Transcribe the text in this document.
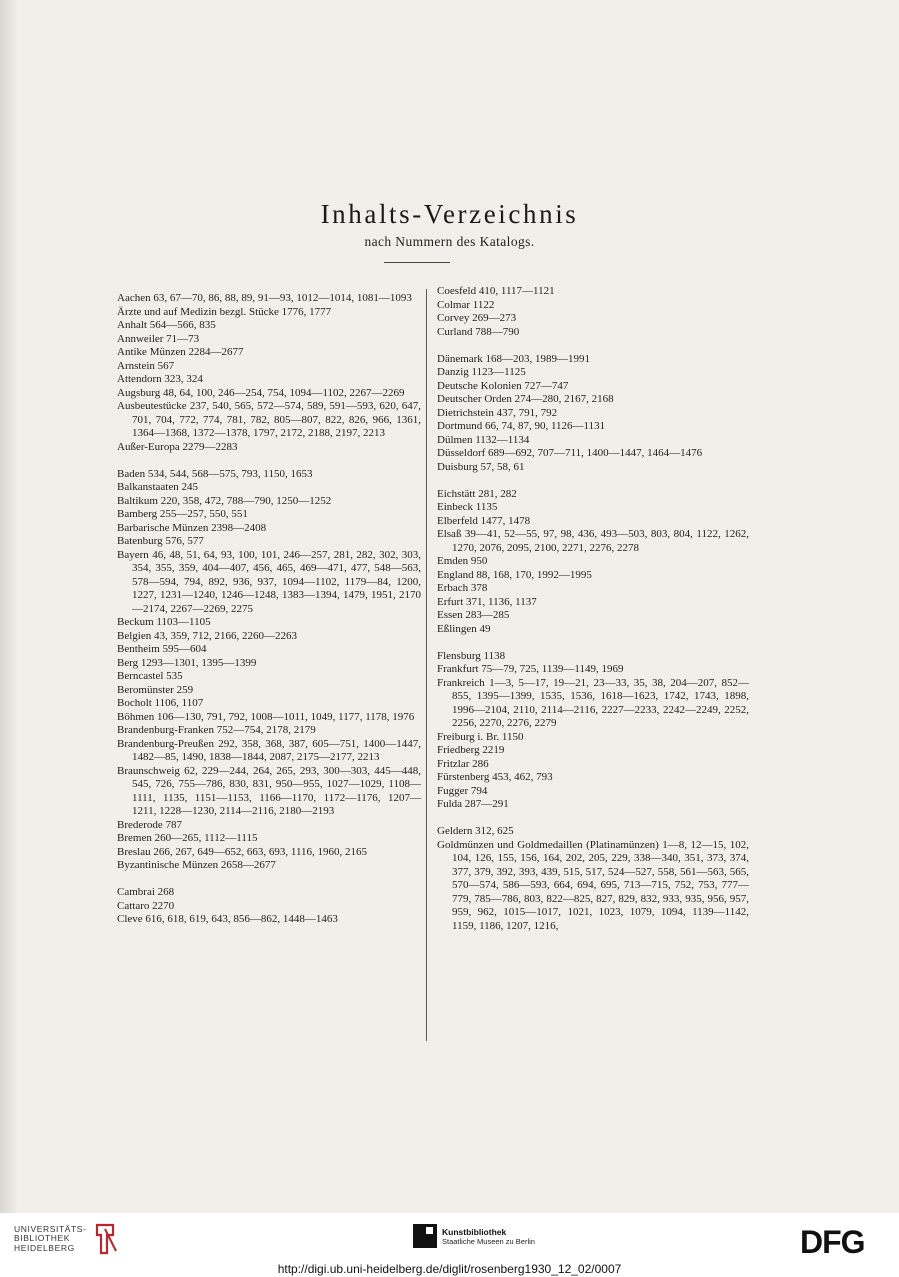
Inhalts-Verzeichnis
nach Nummern des Katalogs.
Aachen 63, 67—70, 86, 88, 89, 91—93, 1012—1014, 1081—1093
Ärzte und auf Medizin bezgl. Stücke 1776, 1777
Anhalt 564—566, 835
Annweiler 71—73
Antike Münzen 2284—2677
Arnstein 567
Attendorn 323, 324
Augsburg 48, 64, 100, 246—254, 754, 1094—1102, 2267—2269
Ausbeutestücke 237, 540, 565, 572—574, 589, 591—593, 620, 647, 701, 704, 772, 774, 781, 782, 805—807, 822, 826, 966, 1361, 1364—1368, 1372—1378, 1797, 2172, 2188, 2197, 2213
Außer-Europa 2279—2283
Baden 534, 544, 568—575, 793, 1150, 1653
Balkanstaaten 245
Baltikum 220, 358, 472, 788—790, 1250—1252
Bamberg 255—257, 550, 551
Barbarische Münzen 2398—2408
Batenburg 576, 577
Bayern 46, 48, 51, 64, 93, 100, 101, 246—257, 281, 282, 302, 303, 354, 355, 359, 404—407, 456, 465, 469—471, 477, 548—563, 578—594, 794, 892, 936, 937, 1094—1102, 1179—84, 1200, 1227, 1231—1240, 1246—1248, 1383—1394, 1479, 1951, 2170—2174, 2267—2269, 2275
Beckum 1103—1105
Belgien 43, 359, 712, 2166, 2260—2263
Bentheim 595—604
Berg 1293—1301, 1395—1399
Berncastel 535
Beromünster 259
Bocholt 1106, 1107
Böhmen 106—130, 791, 792, 1008—1011, 1049, 1177, 1178, 1976
Brandenburg-Franken 752—754, 2178, 2179
Brandenburg-Preußen 292, 358, 368, 387, 605—751, 1400—1447, 1482—85, 1490, 1838—1844, 2087, 2175—2177, 2213
Braunschweig 62, 229—244, 264, 265, 293, 300—303, 445—448, 545, 726, 755—786, 830, 831, 950—955, 1027—1029, 1108—1111, 1135, 1151—1153, 1166—1170, 1172—1176, 1207—1211, 1228—1230, 2114—2116, 2180—2193
Brederode 787
Bremen 260—265, 1112—1115
Breslau 266, 267, 649—652, 663, 693, 1116, 1960, 2165
Byzantinische Münzen 2658—2677
Cambrai 268
Cattaro 2270
Cleve 616, 618, 619, 643, 856—862, 1448—1463
Coesfeld 410, 1117—1121
Colmar 1122
Corvey 269—273
Curland 788—790
Dänemark 168—203, 1989—1991
Danzig 1123—1125
Deutsche Kolonien 727—747
Deutscher Orden 274—280, 2167, 2168
Dietrichstein 437, 791, 792
Dortmund 66, 74, 87, 90, 1126—1131
Dülmen 1132—1134
Düsseldorf 689—692, 707—711, 1400—1447, 1464—1476
Duisburg 57, 58, 61
Eichstätt 281, 282
Einbeck 1135
Elberfeld 1477, 1478
Elsaß 39—41, 52—55, 97, 98, 436, 493—503, 803, 804, 1122, 1262, 1270, 2076, 2095, 2100, 2271, 2276, 2278
Emden 950
England 88, 168, 170, 1992—1995
Erbach 378
Erfurt 371, 1136, 1137
Essen 283—285
Eßlingen 49
Flensburg 1138
Frankfurt 75—79, 725, 1139—1149, 1969
Frankreich 1—3, 5—17, 19—21, 23—33, 35, 38, 204—207, 852—855, 1395—1399, 1535, 1536, 1618—1623, 1742, 1743, 1898, 1996—2104, 2110, 2114—2116, 2227—2233, 2242—2249, 2252, 2256, 2270, 2276, 2279
Freiburg i. Br. 1150
Friedberg 2219
Fritzlar 286
Fürstenberg 453, 462, 793
Fugger 794
Fulda 287—291
Geldern 312, 625
Goldmünzen und Goldmedaillen (Platinamünzen) 1—8, 12—15, 102, 104, 126, 155, 156, 164, 202, 205, 229, 338—340, 351, 373, 374, 377, 379, 392, 393, 439, 515, 517, 524—527, 558, 561—563, 565, 570—574, 586—593, 664, 694, 695, 713—715, 752, 753, 777—779, 785—786, 803, 822—825, 827, 829, 832, 933, 935, 956, 957, 959, 962, 1015—1017, 1021, 1023, 1079, 1094, 1139—1142, 1159, 1186, 1207, 1216,
UNIVERSITÄTS-
BIBLIOTHEK
HEIDELBERG
Kunstbibliothek
Staatliche Museen zu Berlin	DFG
http://digi.ub.uni-heidelberg.de/diglit/rosenberg1930_12_02/0007
